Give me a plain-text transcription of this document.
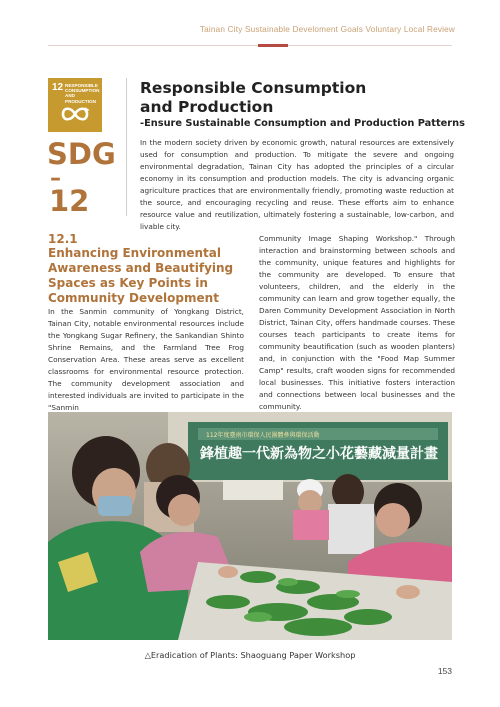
Tainan City Sustainable Develoment Goals Voluntary Local Review
12 RESPONSIBLE
CONSUMPTION
AND PRODUCTION
SDG
–
12
Responsible Consumption
and Production
-Ensure Sustainable Consumption and Production Patterns
In the modern society driven by economic growth, natural resources are extensively used for consumption and production. To mitigate the severe and ongoing environmental degradation, Tainan City has adopted the principles of a circular economy in its consumption and production models. The city is advancing organic agriculture practices that are environmentally friendly, promoting waste reduction at the source, and encouraging recycling and reuse. These efforts aim to enhance resource value and reutilization, ultimately fostering a sustainable, low-carbon, and livable city.
12.1
Enhancing Environmental Awareness and Beautifying Spaces as Key Points in Community Development
In the Sanmin community of Yongkang District, Tainan City, notable environmental resources include the Yongkang Sugar Refinery, the Sankandian Shinto Shrine Remains, and the Farmland Tree Frog Conservation Area. These areas serve as excellent classrooms for environmental resource protection. The community development association and interested individuals are invited to participate in the "Sanmin
Community Image Shaping Workshop." Through interaction and brainstorming between schools and the community, unique features and highlights for the community are developed. To ensure that volunteers, children, and the elderly in the community can learn and grow together equally, the Daren Community Development Association in North District, Tainan City, offers handmade courses. These courses teach participants to create items for community beautification (such as wooden planters) and, in conjunction with the "Food Map Summer Camp" results, craft wooden signs for recommended local businesses. This initiative fosters interaction and connections between local businesses and the community.
112年度臺南市環保人民團體參與環保活動
鋒植趣一代新為物之小花藝藏減量計畫
△Eradication of Plants: Shaoguang Paper Workshop
153
